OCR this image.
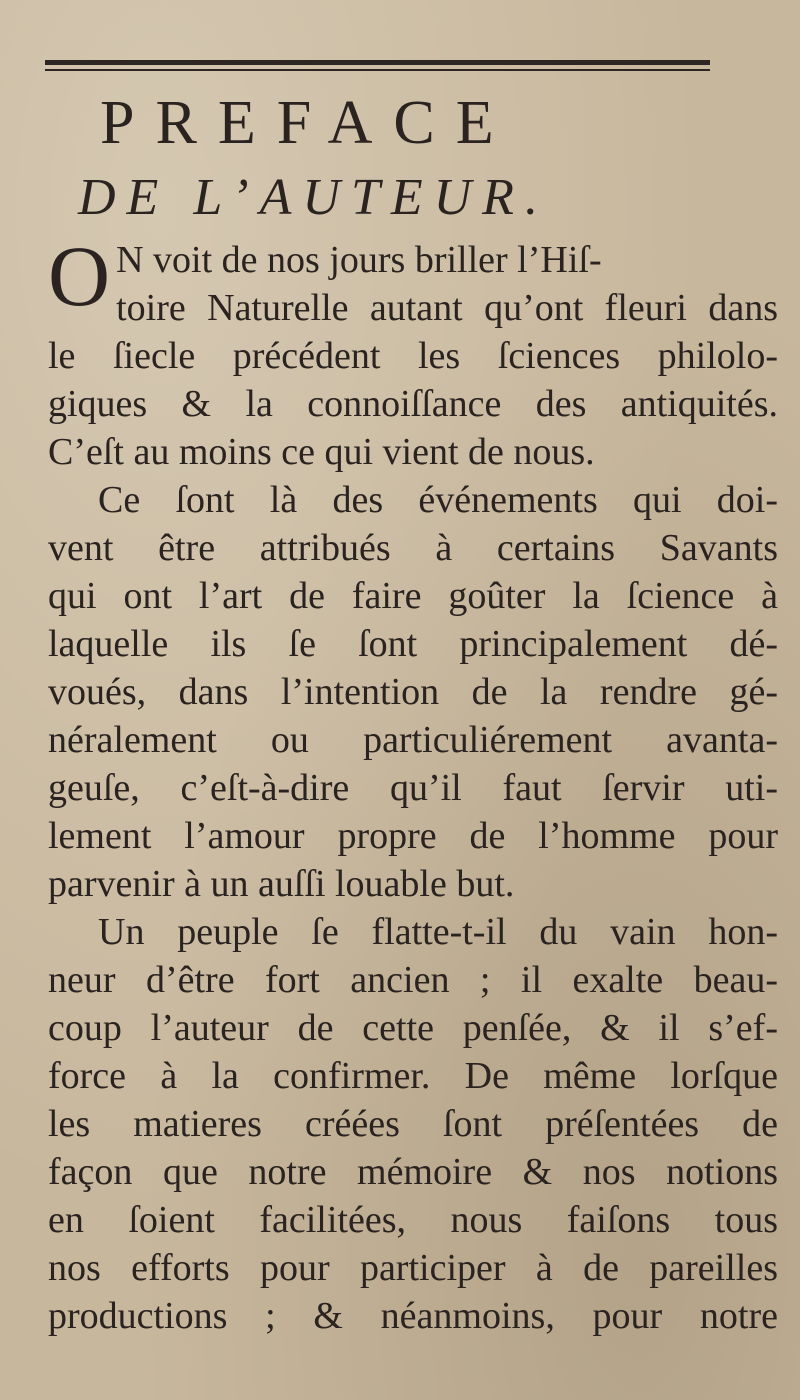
PREFACE
DE L’AUTEUR.
O N voit de nos jours briller l’Hiſ-
toire Naturelle autant qu’ont fleuri dans
le ſiecle précédent les ſciences philolo-
giques & la connoiſſance des antiquités.
C’eſt au moins ce qui vient de nous.
Ce ſont là des événements qui doi-
vent être attribués à certains Savants
qui ont l’art de faire goûter la ſcience à
laquelle ils ſe ſont principalement dé-
voués, dans l’intention de la rendre gé-
néralement ou particuliérement avanta-
geuſe, c’eſt-à-dire qu’il faut ſervir uti-
lement l’amour propre de l’homme pour
parvenir à un auſſi louable but.
Un peuple ſe flatte-t-il du vain hon-
neur d’être fort ancien ; il exalte beau-
coup l’auteur de cette penſée, & il s’ef-
force à la confirmer. De même lorſque
les matieres créées ſont préſentées de
façon que notre mémoire & nos notions
en ſoient facilitées, nous faiſons tous
nos efforts pour participer à de pareilles
productions ; & néanmoins, pour notre
